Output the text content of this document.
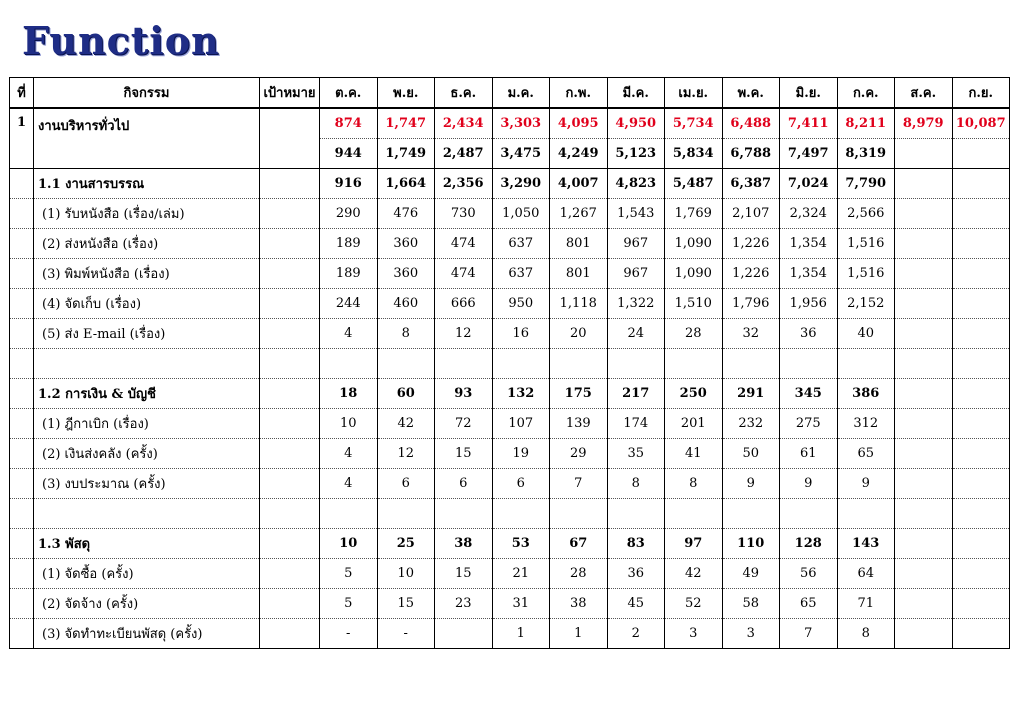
Function
ที่	กิจกรรม	เป้าหมาย	ต.ค.	พ.ย.	ธ.ค.	ม.ค.	ก.พ.	มี.ค.	เม.ย.	พ.ค.	มิ.ย.	ก.ค.	ส.ค.	ก.ย.
1	งานบริหารทั่วไป		874	1,747	2,434	3,303	4,095	4,950	5,734	6,488	7,411	8,211	8,979	10,087
			944	1,749	2,487	3,475	4,249	5,123	5,834	6,788	7,497	8,319		
	1.1 งานสารบรรณ		916	1,664	2,356	3,290	4,007	4,823	5,487	6,387	7,024	7,790		
	(1) รับหนังสือ (เรื่อง/เล่ม)		290	476	730	1,050	1,267	1,543	1,769	2,107	2,324	2,566		
	(2) ส่งหนังสือ (เรื่อง)		189	360	474	637	801	967	1,090	1,226	1,354	1,516		
	(3) พิมพ์หนังสือ (เรื่อง)		189	360	474	637	801	967	1,090	1,226	1,354	1,516		
	(4) จัดเก็บ (เรื่อง)		244	460	666	950	1,118	1,322	1,510	1,796	1,956	2,152		
	(5) ส่ง E-mail (เรื่อง)		4	8	12	16	20	24	28	32	36	40		

	1.2 การเงิน & บัญชี		18	60	93	132	175	217	250	291	345	386		
	(1) ฎีกาเบิก (เรื่อง)		10	42	72	107	139	174	201	232	275	312		
	(2) เงินส่งคลัง (ครั้ง)		4	12	15	19	29	35	41	50	61	65		
	(3) งบประมาณ (ครั้ง)		4	6	6	6	7	8	8	9	9	9		

	1.3 พัสดุ		10	25	38	53	67	83	97	110	128	143		
	(1) จัดซื้อ (ครั้ง)		5	10	15	21	28	36	42	49	56	64		
	(2) จัดจ้าง (ครั้ง)		5	15	23	31	38	45	52	58	65	71		
	(3) จัดทำทะเบียนพัสดุ (ครั้ง)		-	-		1	1	2	3	3	7	8		
